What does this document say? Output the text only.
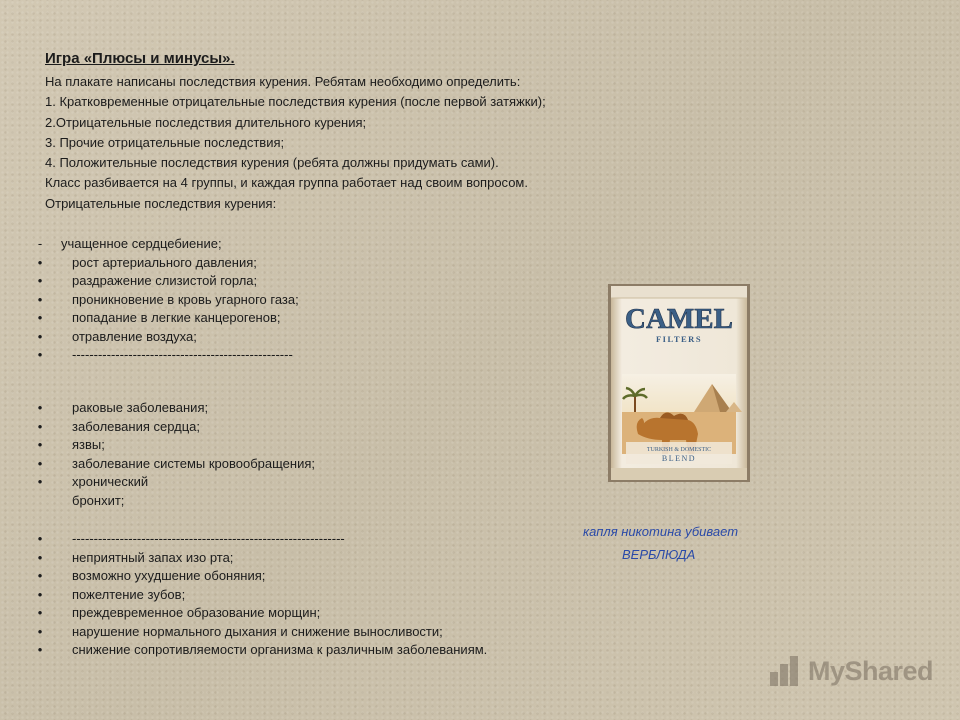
Игра «Плюсы и минусы».
На плакате написаны последствия курения. Ребятам необходимо определить:
1. Кратковременные отрицательные последствия курения (после первой затяжки);
2.Отрицательные последствия длительного курения;
3. Прочие отрицательные последствия;
4. Положительные последствия курения (ребята должны придумать сами).
Класс разбивается на 4 группы, и каждая группа работает над своим вопросом.
Отрицательные последствия курения:
-	учащенное сердцебиение;
•	рост артериального давления;
•	раздражение слизистой горла;
•	проникновение в кровь угарного газа;
•	попадание в легкие канцерогенов;
•	отравление воздуха;
•	---------------------------------------------------
•	раковые заболевания;
•	заболевания сердца;
•	язвы;
•	заболевание системы кровообращения;
•	хронический бронхит;
•	---------------------------------------------------------------
•	неприятный запах изо рта;
•	возможно ухудшение обоняния;
•	пожелтение зубов;
•	преждевременное образование морщин;
•	нарушение нормального дыхания и снижение выносливости;
•	снижение сопротивляемости организма к различным заболеваниям.
CAMEL
FILTERS
TURKISH & DOMESTIC
BLEND
капля никотина убивает
ВЕРБЛЮДА
MyShared
